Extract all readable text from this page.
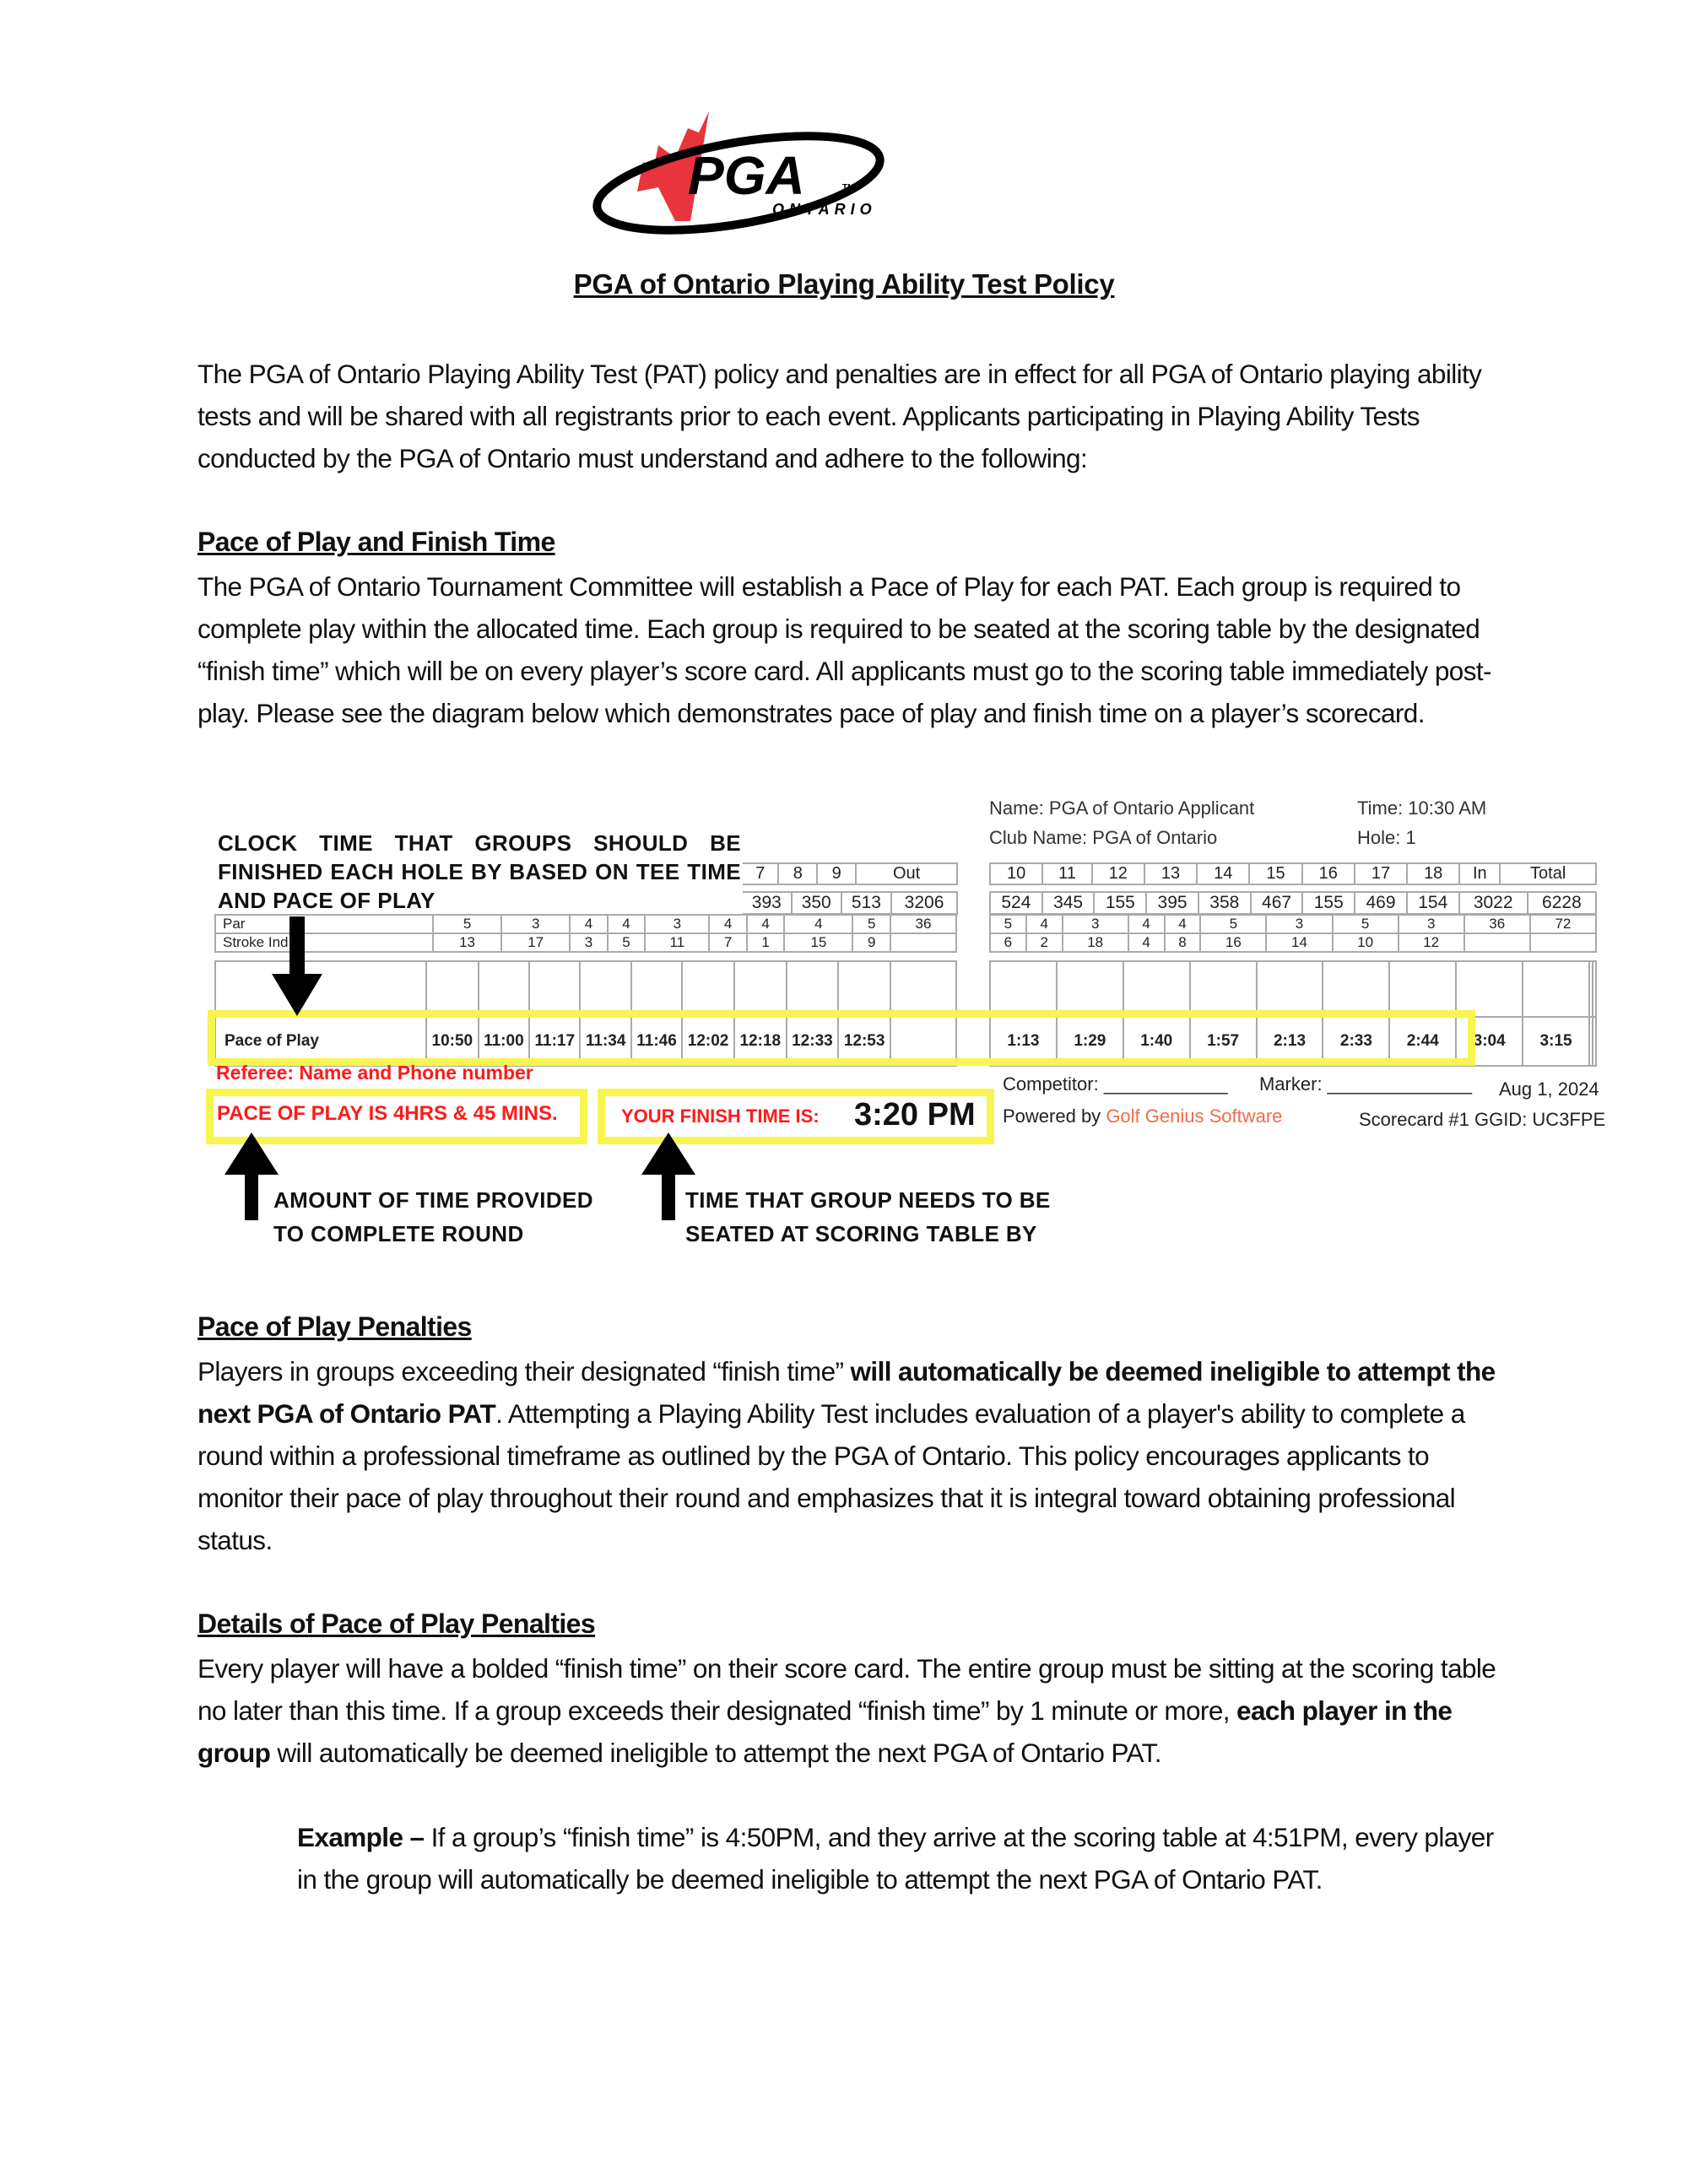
PGA	TM
ONTARIO
PGA of Ontario Playing Ability Test Policy
The PGA of Ontario Playing Ability Test (PAT) policy and penalties are in effect for all PGA of Ontario playing ability tests and will be shared with all registrants prior to each event. Applicants participating in Playing Ability Tests conducted by the PGA of Ontario must understand and adhere to the following:
Pace of Play and Finish Time
The PGA of Ontario Tournament Committee will establish a Pace of Play for each PAT. Each group is required to complete play within the allocated time. Each group is required to be seated at the scoring table by the designated “finish time” which will be on every player’s score card. All applicants must go to the scoring table immediately post-play. Please see the diagram below which demonstrates pace of play and finish time on a player’s scorecard.
CLOCK TIME THAT GROUPS SHOULD BE FINISHED EACH HOLE BY BASED ON TEE TIME AND PACE OF PLAY
Name: PGA of Ontario Applicant
Club Name: PGA of Ontario
Time: 10:30 AM
Hole: 1
7	8	9	Out
393	350	513	3206
Par	5	3	4	4	3	4	4	4	5	36
Stroke Ind	13	17	3	5	11	7	1	15	9	

Pace of Play	10:50	11:00	11:17	11:34	11:46	12:02	12:18	12:33	12:53	
10	11	12	13	14	15	16	17	18	In	Total
524	345	155	395	358	467	155	469	154	3022	6228
5	4	3	4	4	5	3	5	3	36	72
6	2	18	4	8	16	14	10	12		

1:13	1:29	1:40	1:57	2:13	2:33	2:44	3:04	3:15		
Referee: Name and Phone number
PACE OF PLAY IS 4HRS & 45 MINS.	YOUR FINISH TIME IS: 3:20 PM
Competitor: ____________ Marker: ______________ Aug 1, 2024
Powered by Golf Genius Software	Scorecard #1 GGID: UC3FPE
AMOUNT OF TIME PROVIDED TO COMPLETE ROUND
TIME THAT GROUP NEEDS TO BE SEATED AT SCORING TABLE BY
Pace of Play Penalties
Players in groups exceeding their designated “finish time” will automatically be deemed ineligible to attempt the next PGA of Ontario PAT. Attempting a Playing Ability Test includes evaluation of a player's ability to complete a round within a professional timeframe as outlined by the PGA of Ontario. This policy encourages applicants to monitor their pace of play throughout their round and emphasizes that it is integral toward obtaining professional status.
Details of Pace of Play Penalties
Every player will have a bolded “finish time” on their score card. The entire group must be sitting at the scoring table no later than this time. If a group exceeds their designated “finish time” by 1 minute or more, each player in the group will automatically be deemed ineligible to attempt the next PGA of Ontario PAT.
Example – If a group’s “finish time” is 4:50PM, and they arrive at the scoring table at 4:51PM, every player in the group will automatically be deemed ineligible to attempt the next PGA of Ontario PAT.
